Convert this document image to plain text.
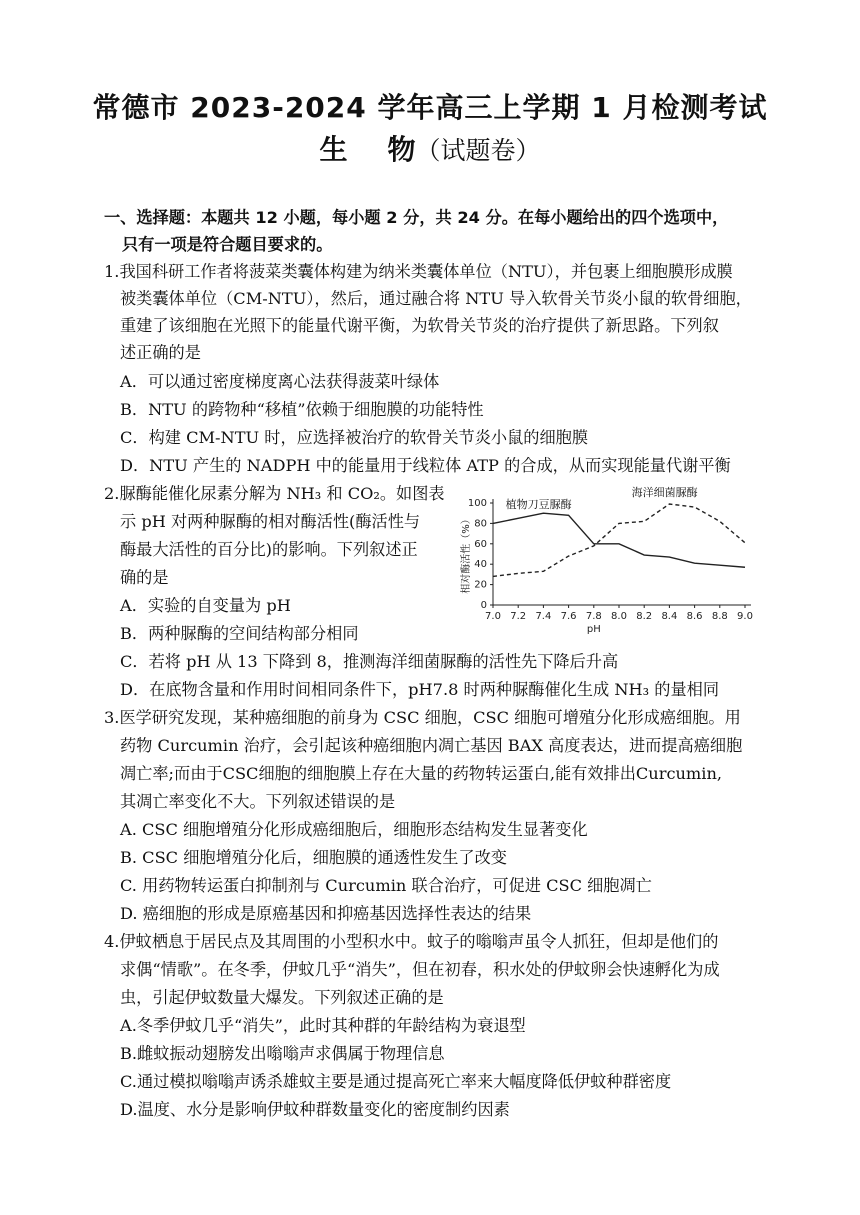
常德市 2023-2024 学年高三上学期 1 月检测考试
生 物（试题卷）
一、选择题：本题共 12 小题，每小题 2 分，共 24 分。在每小题给出的四个选项中，
只有一项是符合题目要求的。
1.我国科研工作者将菠菜类囊体构建为纳米类囊体单位（NTU），并包裹上细胞膜形成膜
被类囊体单位（CM-NTU），然后，通过融合将 NTU 导入软骨关节炎小鼠的软骨细胞，
重建了该细胞在光照下的能量代谢平衡，为软骨关节炎的治疗提供了新思路。下列叙
述正确的是
A．可以通过密度梯度离心法获得菠菜叶绿体
B．NTU 的跨物种“移植”依赖于细胞膜的功能特性
C．构建 CM-NTU 时，应选择被治疗的软骨关节炎小鼠的细胞膜
D．NTU 产生的 NADPH 中的能量用于线粒体 ATP 的合成，从而实现能量代谢平衡
2.脲酶能催化尿素分解为 NH₃ 和 CO₂。如图表
示 pH 对两种脲酶的相对酶活性(酶活性与
酶最大活性的百分比)的影响。下列叙述正
确的是
A．实验的自变量为 pH
B．两种脲酶的空间结构部分相同
C．若将 pH 从 13 下降到 8，推测海洋细菌脲酶的活性先下降后升高
D．在底物含量和作用时间相同条件下，pH7.8 时两种脲酶催化生成 NH₃ 的量相同
7.0 7.2 7.4 7.6 7.8 8.0 8.2 8.4 8.6 8.8 9.0
0
20
40
60
80
100
pH
相对酶活性（%）
植物刀豆脲酶
海洋细菌脲酶
3.医学研究发现，某种癌细胞的前身为 CSC 细胞，CSC 细胞可增殖分化形成癌细胞。用
药物 Curcumin 治疗，会引起该种癌细胞内凋亡基因 BAX 高度表达，进而提高癌细胞
凋亡率;而由于CSC细胞的细胞膜上存在大量的药物转运蛋白,能有效排出Curcumin,
其凋亡率变化不大。下列叙述错误的是
A. CSC 细胞增殖分化形成癌细胞后，细胞形态结构发生显著变化
B. CSC 细胞增殖分化后，细胞膜的通透性发生了改变
C. 用药物转运蛋白抑制剂与 Curcumin 联合治疗，可促进 CSC 细胞凋亡
D. 癌细胞的形成是原癌基因和抑癌基因选择性表达的结果
4.伊蚊栖息于居民点及其周围的小型积水中。蚊子的嗡嗡声虽令人抓狂，但却是他们的
求偶“情歌”。在冬季，伊蚊几乎“消失”，但在初春，积水处的伊蚊卵会快速孵化为成
虫，引起伊蚊数量大爆发。下列叙述正确的是
A.冬季伊蚊几乎“消失”，此时其种群的年龄结构为衰退型
B.雌蚊振动翅膀发出嗡嗡声求偶属于物理信息
C.通过模拟嗡嗡声诱杀雄蚊主要是通过提高死亡率来大幅度降低伊蚊种群密度
D.温度、水分是影响伊蚊种群数量变化的密度制约因素
